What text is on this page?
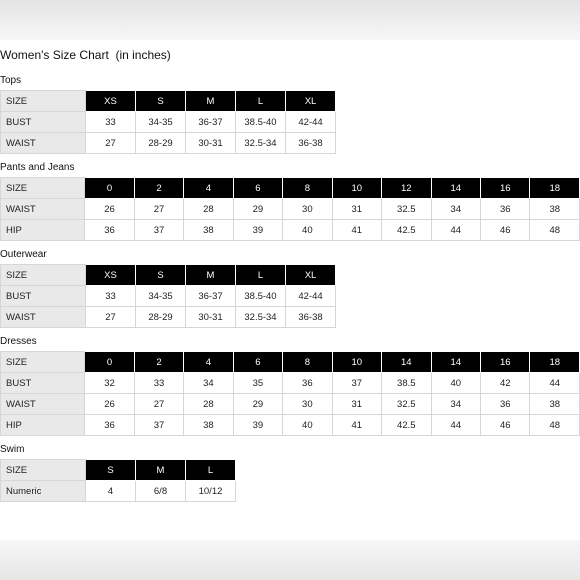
Women's Size Chart  (in inches)
Tops
SIZE	XS	S	M	L	XL
BUST	33	34-35	36-37	38.5-40	42-44
WAIST	27	28-29	30-31	32.5-34	36-38
Pants and Jeans
SIZE	0	2	4	6	8	10	12	14	16	18
WAIST	26	27	28	29	30	31	32.5	34	36	38
HIP	36	37	38	39	40	41	42.5	44	46	48
Outerwear
SIZE	XS	S	M	L	XL
BUST	33	34-35	36-37	38.5-40	42-44
WAIST	27	28-29	30-31	32.5-34	36-38
Dresses
SIZE	0	2	4	6	8	10	14	14	16	18
BUST	32	33	34	35	36	37	38.5	40	42	44
WAIST	26	27	28	29	30	31	32.5	34	36	38
HIP	36	37	38	39	40	41	42.5	44	46	48
Swim
SIZE	S	M	L
Numeric	4	6/8	10/12
